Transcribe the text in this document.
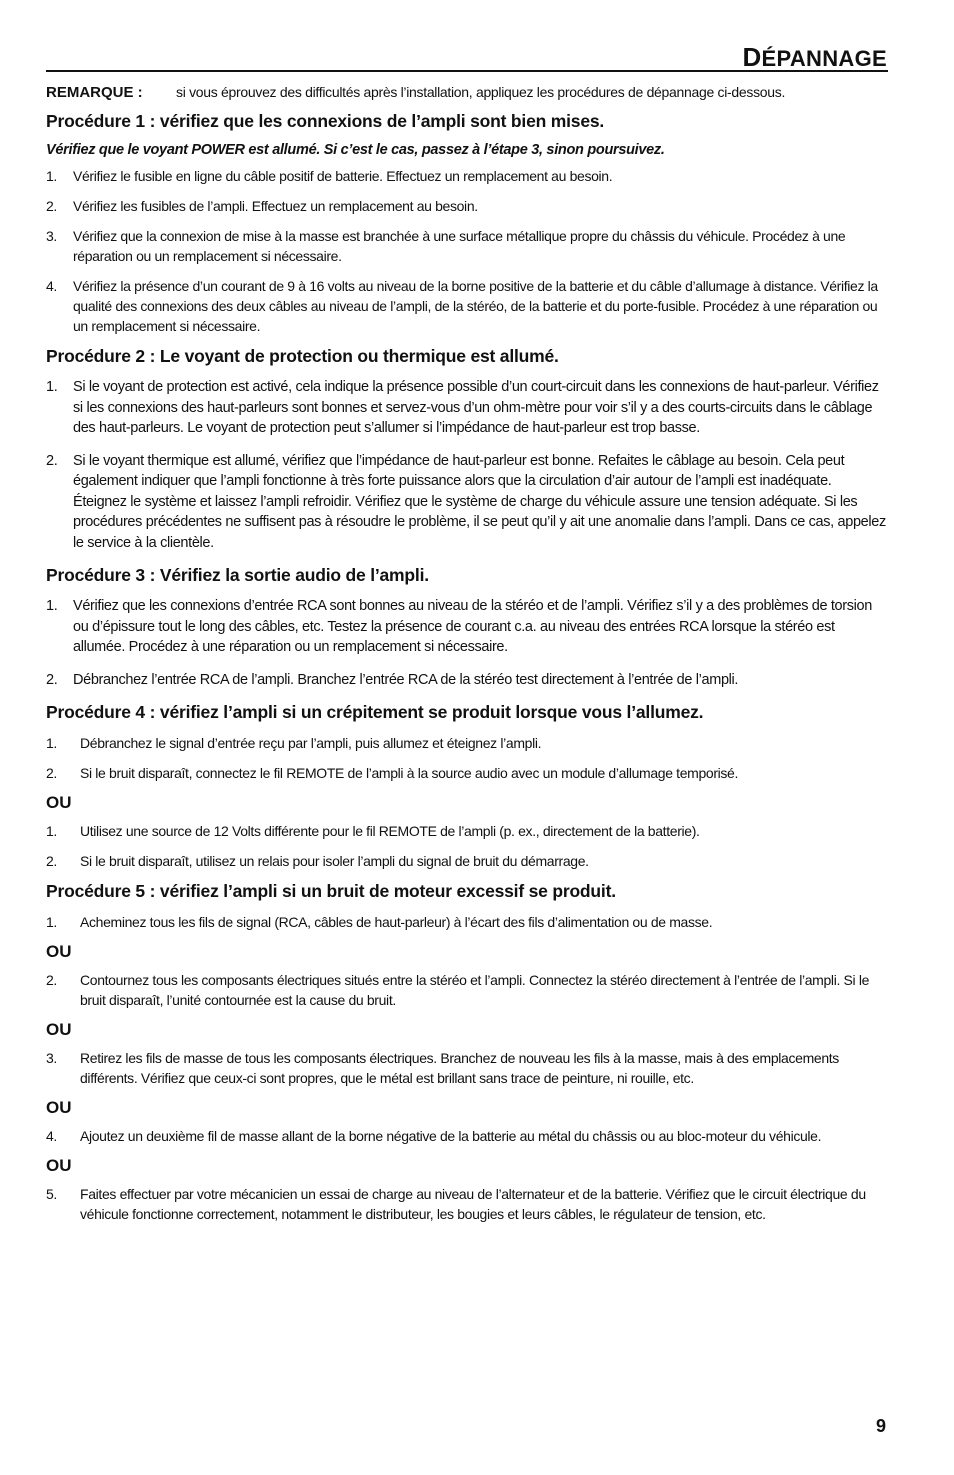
DÉPANNAGE
REMARQUE :	si vous éprouvez des difficultés après l’installation, appliquez les procédures de dépannage ci-dessous.
Procédure 1 : vérifiez que les connexions de l’ampli sont bien mises.

Vérifiez que le voyant POWER est allumé. Si c’est le cas, passez à l’étape 3, sinon poursuivez.

1.	Vérifiez le fusible en ligne du câble positif de batterie. Effectuez un remplacement au besoin.
2.	Vérifiez les fusibles de l’ampli. Effectuez un remplacement au besoin.
3.	Vérifiez que la connexion de mise à la masse est branchée à une surface métallique propre du châssis du véhicule. Procédez à une réparation ou un remplacement si nécessaire.
4.	Vérifiez la présence d’un courant de 9 à 16 volts au niveau de la borne positive de la batterie et du câble d’allumage à distance. Vérifiez la qualité des connexions des deux câbles au niveau de l’ampli, de la stéréo, de la batterie et du porte-fusible. Procédez à une réparation ou un remplacement si nécessaire.
Procédure 2 : Le voyant de protection ou thermique est allumé.
1.	Si le voyant de protection est activé, cela indique la présence possible d’un court-circuit dans les connexions de haut-parleur. Vérifiez si les connexions des haut-parleurs sont bonnes et servez-vous d’un ohm-mètre pour voir s’il y a des courts-circuits dans le câblage des haut-parleurs. Le voyant de protection peut s’allumer si l’impédance de haut-parleur est trop basse.
2.	Si le voyant thermique est allumé, vérifiez que l’impédance de haut-parleur est bonne. Refaites le câblage au besoin. Cela peut également indiquer que l’ampli fonctionne à très forte puissance alors que la circulation d’air autour de l’ampli est inadéquate. Éteignez le système et laissez l’ampli refroidir. Vérifiez que le système de charge du véhicule assure une tension adéquate. Si les procédures précédentes ne suffisent pas à résoudre le problème, il se peut qu’il y ait une anomalie dans l’ampli. Dans ce cas, appelez le service à la clientèle.
Procédure 3 : Vérifiez la sortie audio de l’ampli.
1.	Vérifiez que les connexions d’entrée RCA sont bonnes au niveau de la stéréo et de l’ampli. Vérifiez s’il y a des problèmes de torsion ou d’épissure tout le long des câbles, etc. Testez la présence de courant c.a. au niveau des entrées RCA lorsque la stéréo est allumée. Procédez à une réparation ou un remplacement si nécessaire.
2.	Débranchez l’entrée RCA de l’ampli. Branchez l’entrée RCA de la stéréo test directement à l’entrée de l’ampli.
Procédure 4 : vérifiez l’ampli si un crépitement se produit lorsque vous l’allumez.
1.	Débranchez le signal d’entrée reçu par l’ampli, puis allumez et éteignez l’ampli.
2.	Si le bruit disparaît, connectez le fil REMOTE de l’ampli à la source audio avec un module d’allumage temporisé.
OU
1.	Utilisez une source de 12 Volts différente pour le fil REMOTE de l’ampli (p. ex., directement de la batterie).
2.	Si le bruit disparaît, utilisez un relais pour isoler l’ampli du signal de bruit du démarrage.
Procédure 5 : vérifiez l’ampli si un bruit de moteur excessif se produit.
1.	Acheminez tous les fils de signal (RCA, câbles de haut-parleur) à l’écart des fils d’alimentation ou de masse.
OU
2.	Contournez tous les composants électriques situés entre la stéréo et l’ampli. Connectez la stéréo directement à l’entrée de l’ampli. Si le bruit disparaît, l’unité contournée est la cause du bruit.
OU
3.	Retirez les fils de masse de tous les composants électriques. Branchez de nouveau les fils à la masse, mais à des emplacements différents. Vérifiez que ceux-ci sont propres, que le métal est brillant sans trace de peinture, ni rouille, etc.
OU
4.	Ajoutez un deuxième fil de masse allant de la borne négative de la batterie au métal du châssis ou au bloc-moteur du véhicule.
OU
5.	Faites effectuer par votre mécanicien un essai de charge au niveau de l’alternateur et de la batterie. Vérifiez que le circuit électrique du véhicule fonctionne correctement, notamment le distributeur, les bougies et leurs câbles, le régulateur de tension, etc.
9
